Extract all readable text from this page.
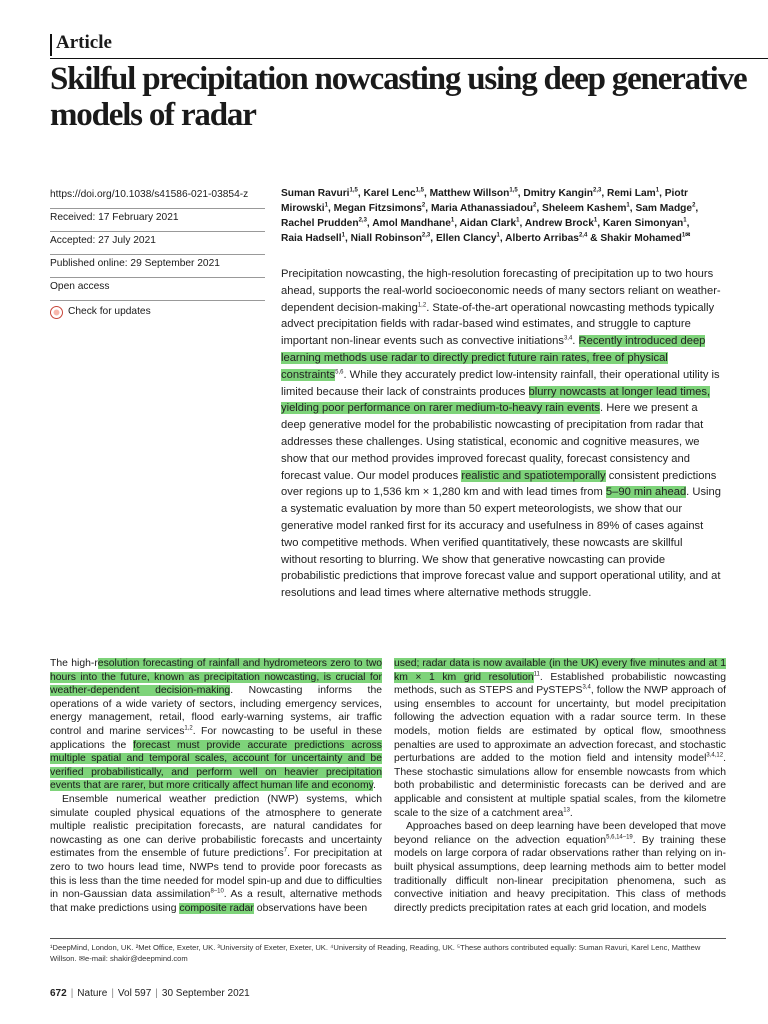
Article
Skilful precipitation nowcasting using deep generative models of radar
https://doi.org/10.1038/s41586-021-03854-z
Received: 17 February 2021
Accepted: 27 July 2021
Published online: 29 September 2021
Open access
Check for updates
Suman Ravuri$^{1,5}$, Karel Lenc$^{1,5}$, Matthew Willson$^{1,5}$, Dmitry Kangin$^{2,3}$, Remi Lam$^1$, Piotr Mirowski$^1$, Megan Fitzsimons$^2$, Maria Athanassiadou$^2$, Sheleem Kashem$^1$, Sam Madge$^2$, Rachel Prudden$^{2,3}$, Amol Mandhane$^1$, Aidan Clark$^1$, Andrew Brock$^1$, Karen Simonyan$^1$, Raia Hadsell$^1$, Niall Robinson$^{2,3}$, Ellen Clancy$^1$, Alberto Arribas$^{2,4}$ & Shakir Mohamed$^{1✉}$

Precipitation nowcasting, the high-resolution forecasting of precipitation up to two hours ahead, supports the real-world socioeconomic needs of many sectors reliant on weather-dependent decision-making$^{1,2}$. State-of-the-art operational nowcasting methods typically advect precipitation fields with radar-based wind estimates, and struggle to capture important non-linear events such as convective initiations$^{3,4}$. Recently introduced deep learning methods use radar to directly predict future rain rates, free of physical constraints$^{5,6}$. While they accurately predict low-intensity rainfall, their operational utility is limited because their lack of constraints produces blurry nowcasts at longer lead times, yielding poor performance on rarer medium-to-heavy rain events. Here we present a deep generative model for the probabilistic nowcasting of precipitation from radar that addresses these challenges. Using statistical, economic and cognitive measures, we show that our method provides improved forecast quality, forecast consistency and forecast value. Our model produces realistic and spatiotemporally consistent predictions over regions up to 1,536 km × 1,280 km and with lead times from 5–90 min ahead. Using a systematic evaluation by more than 50 expert meteorologists, we show that our generative model ranked first for its accuracy and usefulness in 89% of cases against two competitive methods. When verified quantitatively, these nowcasts are skillful without resorting to blurring. We show that generative nowcasting can provide probabilistic predictions that improve forecast value and support operational utility, and at resolutions and lead times where alternative methods struggle.

The high-resolution forecasting of rainfall and hydrometeors zero to two hours into the future, known as precipitation nowcasting, is crucial for weather-dependent decision-making. Nowcasting informs the operations of a wide variety of sectors, including emergency services, energy management, retail, flood early-warning systems, air traffic control and marine services$^{1,2}$. For nowcasting to be useful in these applications the forecast must provide accurate predictions across multiple spatial and temporal scales, account for uncertainty and be verified probabilistically, and perform well on heavier precipitation events that are rarer, but more critically affect human life and economy.

Ensemble numerical weather prediction (NWP) systems, which simulate coupled physical equations of the atmosphere to generate multiple realistic precipitation forecasts, are natural candidates for nowcasting as one can derive probabilistic forecasts and uncertainty estimates from the ensemble of future predictions$^7$. For precipitation at zero to two hours lead time, NWPs tend to provide poor forecasts as this is less than the time needed for model spin-up and due to difficulties in non-Gaussian data assimilation$^{8-10}$. As a result, alternative methods that make predictions using composite radar observations have been

used; radar data is now available (in the UK) every five minutes and at 1 km × 1 km grid resolution$^{11}$. Established probabilistic nowcasting methods, such as STEPS and PySTEPS$^{3,4}$, follow the NWP approach of using ensembles to account for uncertainty, but model precipitation following the advection equation with a radar source term. In these models, motion fields are estimated by optical flow, smoothness penalties are used to approximate an advection forecast, and stochastic perturbations are added to the motion field and intensity model$^{3,4,12}$. These stochastic simulations allow for ensemble nowcasts from which both probabilistic and deterministic forecasts can be derived and are applicable and consistent at multiple spatial scales, from the kilometre scale to the size of a catchment area$^{13}$.

Approaches based on deep learning have been developed that move beyond reliance on the advection equation$^{5,6,14-19}$. By training these models on large corpora of radar observations rather than relying on in-built physical assumptions, deep learning methods aim to better model traditionally difficult non-linear precipitation phenomena, such as convective initiation and heavy precipitation. This class of methods directly predicts precipitation rates at each grid location, and models

¹DeepMind, London, UK. ²Met Office, Exeter, UK. ³University of Exeter, Exeter, UK. ⁴University of Reading, Reading, UK. ⁵These authors contributed equally: Suman Ravuri, Karel Lenc, Matthew Willson. ✉e-mail: shakir@deepmind.com
672 | Nature | Vol 597 | 30 September 2021
